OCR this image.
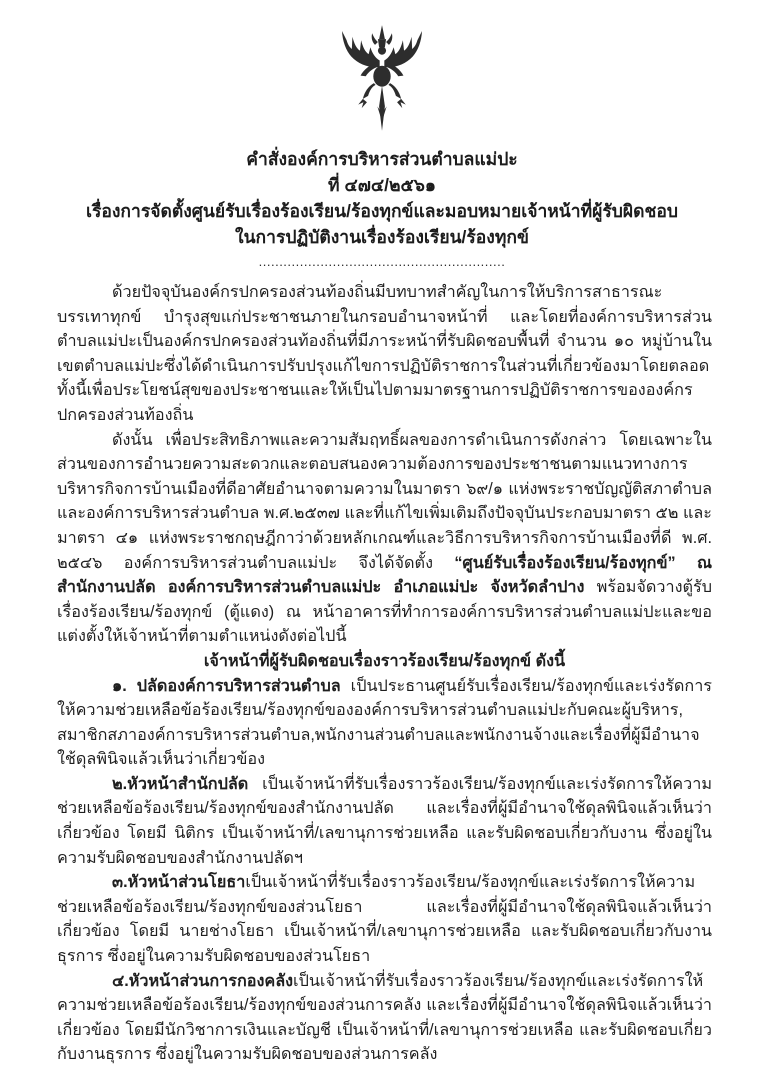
คำสั่งองค์การบริหารส่วนตำบลแม่ปะ
ที่ ๔๗๔/๒๕๖๑
เรื่องการจัดตั้งศูนย์รับเรื่องร้องเรียน/ร้องทุกข์และมอบหมายเจ้าหน้าที่ผู้รับผิดชอบ
ในการปฏิบัติงานเรื่องร้องเรียน/ร้องทุกข์
............................................................

ด้วยปัจจุบันองค์กรปกครองส่วนท้องถิ่นมีบทบาทสำคัญในการให้บริการสาธารณะบรรเทาทุกข์ บำรุงสุขแก่ประชาชนภายในกรอบอำนาจหน้าที่ และโดยที่องค์การบริหารส่วนตำบลแม่ปะเป็นองค์กรปกครองส่วนท้องถิ่นที่มีภาระหน้าที่รับผิดชอบพื้นที่ จำนวน ๑๐ หมู่บ้านในเขตตำบลแม่ปะซึ่งได้ดำเนินการปรับปรุงแก้ไขการปฏิบัติราชการในส่วนที่เกี่ยวข้องมาโดยตลอดทั้งนี้เพื่อประโยชน์สุขของประชาชนและให้เป็นไปตามมาตรฐานการปฏิบัติราชการขององค์กรปกครองส่วนท้องถิ่น

ดังนั้น เพื่อประสิทธิภาพและความสัมฤทธิ์ผลของการดำเนินการดังกล่าว โดยเฉพาะในส่วนของการอำนวยความสะดวกและตอบสนองความต้องการของประชาชนตามแนวทางการบริหารกิจการบ้านเมืองที่ดีอาศัยอำนาจตามความในมาตรา ๖๙/๑ แห่งพระราชบัญญัติสภาตำบลและองค์การบริหารส่วนตำบล พ.ศ.๒๕๓๗ และที่แก้ไขเพิ่มเติมถึงปัจจุบันประกอบมาตรา ๕๒ และมาตรา ๔๑ แห่งพระราชกฤษฎีกาว่าด้วยหลักเกณฑ์และวิธีการบริหารกิจการบ้านเมืองที่ดี พ.ศ. ๒๕๔๖ องค์การบริหารส่วนตำบลแม่ปะ จึงได้จัดตั้ง “ศูนย์รับเรื่องร้องเรียน/ร้องทุกข์” ณ สำนักงานปลัด องค์การบริหารส่วนตำบลแม่ปะ อำเภอแม่ปะ จังหวัดลำปาง พร้อมจัดวางตู้รับเรื่องร้องเรียน/ร้องทุกข์ (ตู้แดง) ณ หน้าอาคารที่ทำการองค์การบริหารส่วนตำบลแม่ปะและขอแต่งตั้งให้เจ้าหน้าที่ตามตำแหน่งดังต่อไปนี้

เจ้าหน้าที่ผู้รับผิดชอบเรื่องราวร้องเรียน/ร้องทุกข์ ดังนี้

๑. ปลัดองค์การบริหารส่วนตำบล เป็นประธานศูนย์รับเรื่องเรียน/ร้องทุกข์และเร่งรัดการให้ความช่วยเหลือข้อร้องเรียน/ร้องทุกข์ขององค์การบริหารส่วนตำบลแม่ปะกับคณะผู้บริหาร, สมาชิกสภาองค์การบริหารส่วนตำบล,พนักงานส่วนตำบลและพนักงานจ้างและเรื่องที่ผู้มีอำนาจใช้ดุลพินิจแล้วเห็นว่าเกี่ยวข้อง

๒.หัวหน้าสำนักปลัด เป็นเจ้าหน้าที่รับเรื่องราวร้องเรียน/ร้องทุกข์และเร่งรัดการให้ความช่วยเหลือข้อร้องเรียน/ร้องทุกข์ของสำนักงานปลัด และเรื่องที่ผู้มีอำนาจใช้ดุลพินิจแล้วเห็นว่าเกี่ยวข้อง โดยมี นิติกร เป็นเจ้าหน้าที่/เลขานุการช่วยเหลือ และรับผิดชอบเกี่ยวกับงาน ซึ่งอยู่ในความรับผิดชอบของสำนักงานปลัดฯ

๓.หัวหน้าส่วนโยธาเป็นเจ้าหน้าที่รับเรื่องราวร้องเรียน/ร้องทุกข์และเร่งรัดการให้ความช่วยเหลือข้อร้องเรียน/ร้องทุกข์ของส่วนโยธา และเรื่องที่ผู้มีอำนาจใช้ดุลพินิจแล้วเห็นว่าเกี่ยวข้อง โดยมี นายช่างโยธา เป็นเจ้าหน้าที่/เลขานุการช่วยเหลือ และรับผิดชอบเกี่ยวกับงานธุรการ ซึ่งอยู่ในความรับผิดชอบของส่วนโยธา

๔.หัวหน้าส่วนการกองคลังเป็นเจ้าหน้าที่รับเรื่องราวร้องเรียน/ร้องทุกข์และเร่งรัดการให้ความช่วยเหลือข้อร้องเรียน/ร้องทุกข์ของส่วนการคลัง และเรื่องที่ผู้มีอำนาจใช้ดุลพินิจแล้วเห็นว่าเกี่ยวข้อง โดยมีนักวิชาการเงินและบัญชี เป็นเจ้าหน้าที่/เลขานุการช่วยเหลือ และรับผิดชอบเกี่ยวกับงานธุรการ ซึ่งอยู่ในความรับผิดชอบของส่วนการคลัง
